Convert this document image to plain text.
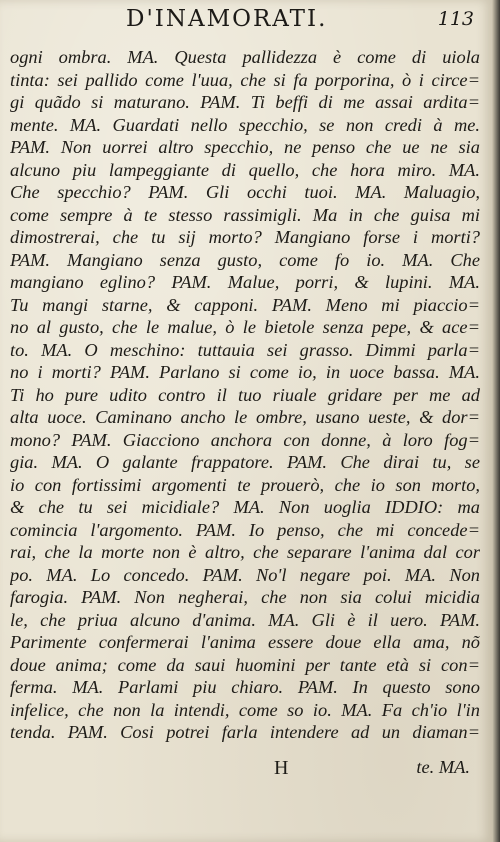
D'INAMORATI.	113
ogni ombra. MA. Questa pallidezza è come di uiola
tinta: sei pallido come l'uua, che si fa porporina, ò i circe=
gi quãdo si maturano. PAM. Ti beffi di me assai ardita=
mente. MA. Guardati nello specchio, se non credi à me.
PAM. Non uorrei altro specchio, ne penso che ue ne sia
alcuno piu lampeggiante di quello, che hora miro. MA.
Che specchio? PAM. Gli occhi tuoi. MA. Maluagio,
come sempre à te stesso rassimigli. Ma in che guisa mi
dimostrerai, che tu sij morto? Mangiano forse i morti?
PAM. Mangiano senza gusto, come fo io. MA. Che
mangiano eglino? PAM. Malue, porri, & lupini. MA.
Tu mangi starne, & capponi. PAM. Meno mi piaccio=
no al gusto, che le malue, ò le bietole senza pepe, & ace=
to. MA. O meschino: tuttauia sei grasso. Dimmi parla=
no i morti? PAM. Parlano si come io, in uoce bassa. MA.
Ti ho pure udito contro il tuo riuale gridare per me ad
alta uoce. Caminano ancho le ombre, usano ueste, & dor=
mono? PAM. Giacciono anchora con donne, à loro fog=
gia. MA. O galante frappatore. PAM. Che dirai tu, se
io con fortissimi argomenti te prouerò, che io son morto,
& che tu sei micidiale? MA. Non uoglia IDDIO: ma
comincia l'argomento. PAM. Io penso, che mi concede=
rai, che la morte non è altro, che separare l'anima dal cor
po. MA. Lo concedo. PAM. No'l negare poi. MA. Non
farogia. PAM. Non negherai, che non sia colui micidia
le, che priua alcuno d'anima. MA. Gli è il uero. PAM.
Parimente confermerai l'anima essere doue ella ama, nõ
doue anima; come da saui huomini per tante età si con=
ferma. MA. Parlami piu chiaro. PAM. In questo sono
infelice, che non la intendi, come so io. MA. Fa ch'io l'in
tenda. PAM. Cosi potrei farla intendere ad un diaman=
H	te. MA.
